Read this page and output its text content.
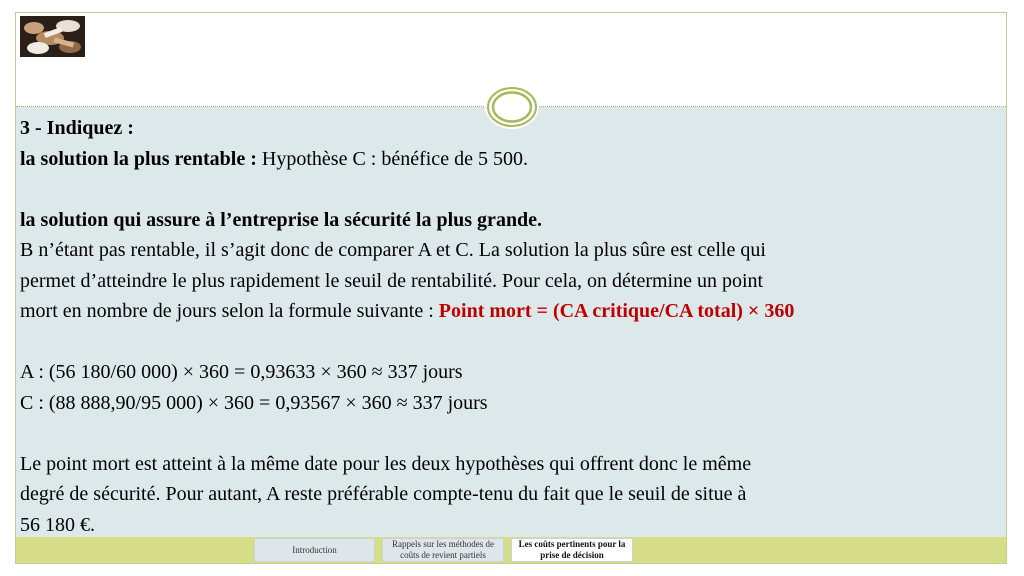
3 - Indiquez :

la solution la plus rentable : Hypothèse C : bénéfice de 5 500.

la solution qui assure à l’entreprise la sécurité la plus grande.

B n’étant pas rentable, il s’agit donc de comparer A et C. La solution la plus sûre est celle qui

permet d’atteindre le plus rapidement le seuil de rentabilité. Pour cela, on détermine un point

mort en nombre de jours selon la formule suivante : Point mort = (CA critique/CA total) × 360

A : (56 180/60 000) × 360 = 0,93633 × 360 ≈ 337 jours

C : (88 888,90/95 000) × 360 = 0,93567 × 360 ≈ 337 jours

Le point mort est atteint à la même date pour les deux hypothèses qui offrent donc le même

degré de sécurité. Pour autant, A reste préférable compte-tenu du fait que le seuil de situe à

56 180 €.

Introduction
Rappels sur les méthodes de coûts de revient partiels
Les coûts pertinents pour la prise de décision
